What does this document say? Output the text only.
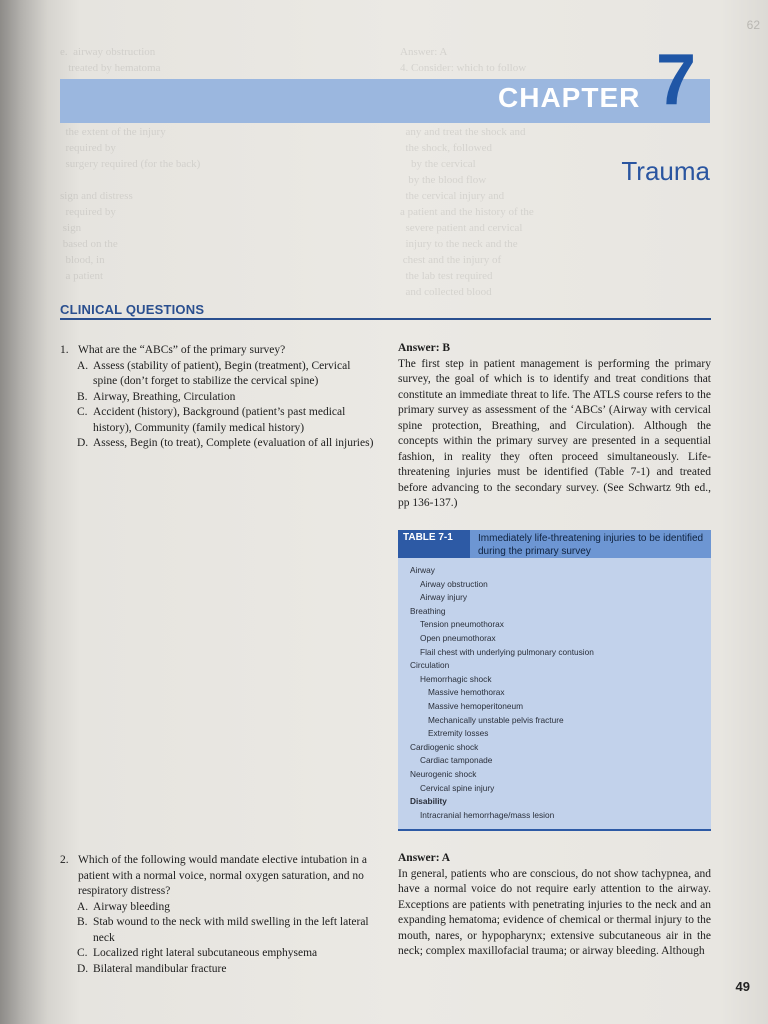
e.  airway obstruction
treated by hematoma

the extent of the injury
required by
surgery required (for the back)

sign and distress
required by
sign
based on the
blood, in
a patient
Answer: A
4. Consider: which to follow

any and treat the shock and
the shock, followed
by the cervical
by the blood flow
the cervical injury and
a patient and the history of the
severe patient and cervical
injury to the neck and the
chest and the injury of
the lab test required
and collected blood
CHAPTER 7
Trauma
62
CLINICAL QUESTIONS
1. What are the “ABCs” of the primary survey?
A. Assess (stability of patient), Begin (treatment), Cervical spine (don’t forget to stabilize the cervical spine)
B. Airway, Breathing, Circulation
C. Accident (history), Background (patient’s past medical history), Community (family medical history)
D. Assess, Begin (to treat), Complete (evaluation of all injuries)
Answer: B
The first step in patient management is performing the primary survey, the goal of which is to identify and treat conditions that constitute an immediate threat to life. The ATLS course refers to the primary survey as assessment of the ‘ABCs’ (Airway with cervical spine protection, Breathing, and Circulation). Although the concepts within the primary survey are presented in a sequential fashion, in reality they often proceed simultaneously. Life-threatening injuries must be identified (Table 7-1) and treated before advancing to the secondary survey. (See Schwartz 9th ed., pp 136-137.)
TABLE 7-1	Immediately life-threatening injuries to be identified during the primary survey
Airway
Airway obstruction
Airway injury
Breathing
Tension pneumothorax
Open pneumothorax
Flail chest with underlying pulmonary contusion
Circulation
Hemorrhagic shock
Massive hemothorax
Massive hemoperitoneum
Mechanically unstable pelvis fracture
Extremity losses
Cardiogenic shock
Cardiac tamponade
Neurogenic shock
Cervical spine injury
Disability
Intracranial hemorrhage/mass lesion
2. Which of the following would mandate elective intubation in a patient with a normal voice, normal oxygen saturation, and no respiratory distress?
A. Airway bleeding
B. Stab wound to the neck with mild swelling in the left lateral neck
C. Localized right lateral subcutaneous emphysema
D. Bilateral mandibular fracture
Answer: A
In general, patients who are conscious, do not show tachypnea, and have a normal voice do not require early attention to the airway. Exceptions are patients with penetrating injuries to the neck and an expanding hematoma; evidence of chemical or thermal injury to the mouth, nares, or hypopharynx; extensive subcutaneous air in the neck; complex maxillofacial trauma; or airway bleeding. Although
49
